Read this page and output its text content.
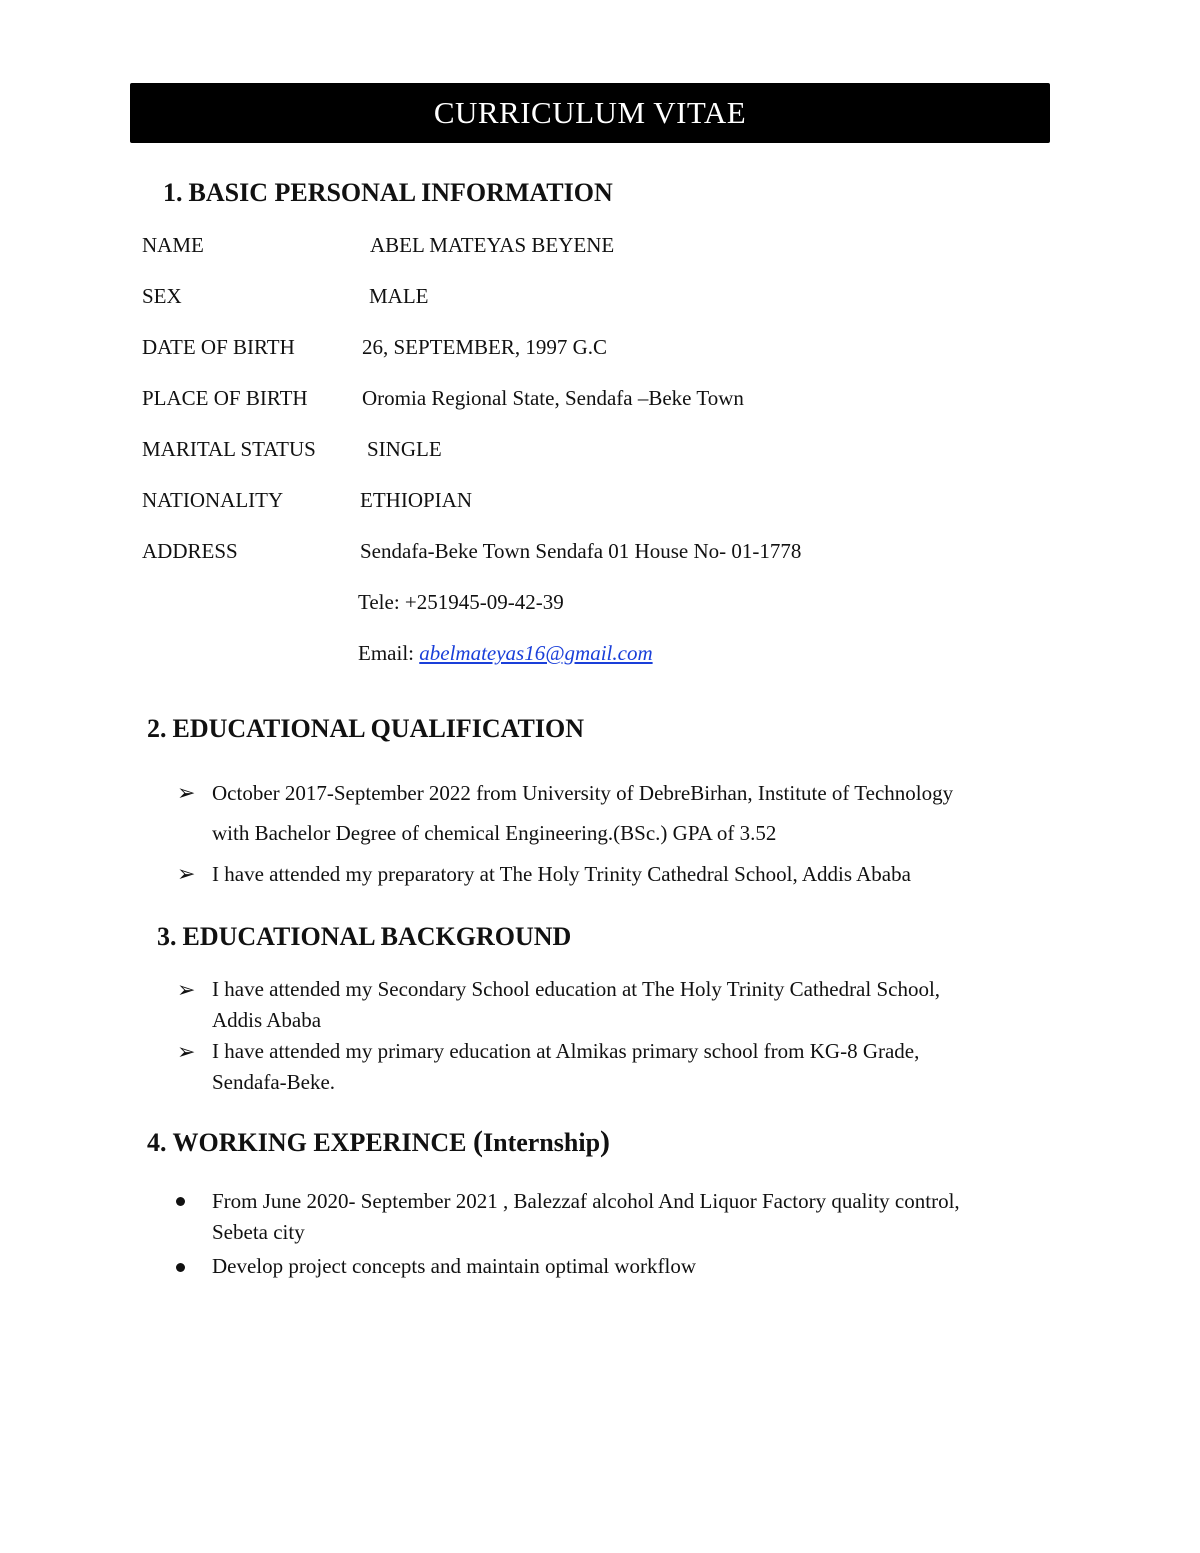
CURRICULUM VITAE
1. BASIC PERSONAL INFORMATION
NAME	ABEL MATEYAS BEYENE
SEX	MALE
DATE OF BIRTH	26, SEPTEMBER, 1997 G.C
PLACE OF BIRTH	Oromia Regional State, Sendafa –Beke Town
MARITAL STATUS SINGLE
NATIONALITY	ETHIOPIAN
ADDRESS	Sendafa-Beke Town Sendafa 01 House No- 01-1778
Tele: +251945-09-42-39
Email: abelmateyas16@gmail.com
2. EDUCATIONAL QUALIFICATION
➢ October 2017-September 2022 from University of DebreBirhan, Institute of Technology
with Bachelor Degree of chemical Engineering.(BSc.) GPA of 3.52
➢ I have attended my preparatory at The Holy Trinity Cathedral School, Addis Ababa
3. EDUCATIONAL BACKGROUND
➢ I have attended my Secondary School education at The Holy Trinity Cathedral School,
Addis Ababa
➢ I have attended my primary education at Almikas primary school from KG-8 Grade,
Sendafa-Beke.
4. WORKING EXPERINCE (Internship)
From June 2020- September 2021 , Balezzaf alcohol And Liquor Factory quality control,
Sebeta city
Develop project concepts and maintain optimal workflow
